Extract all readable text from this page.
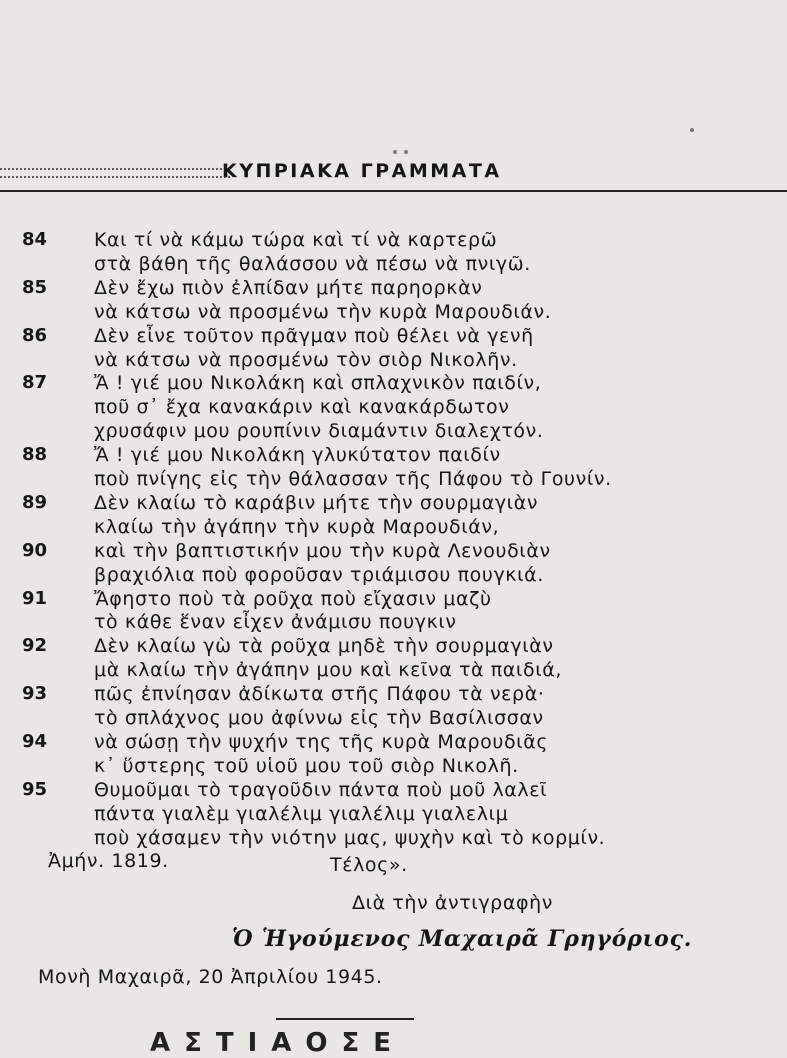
ΚΥΠΡΙΑΚΑ ΓΡΑΜΜΑΤΑ
84	Και τί νὰ κάμω τώρα καὶ τί νὰ καρτερῶ
στὰ βάθη τῆς θαλάσσου νὰ πέσω νὰ πνιγῶ.
85	Δὲν ἔχω πιὸν ἐλπίδαν μήτε παρηορκὰν
νὰ κάτσω νὰ προσμένω τὴν κυρὰ Μαρουδιάν.
86	Δὲν εἶνε τοῦτον πρᾶγμαν ποὺ θέλει νὰ γενῆ
νὰ κάτσω νὰ προσμένω τὸν σιὸρ Νικολῆν.
87	Ἄ ! γιέ μου Νικολάκη καὶ σπλαχνικὸν παιδίν,
ποῦ σ᾿ ἔχα κανακάριν καὶ κανακάρδωτον
χρυσάφιν μου ρουπίνιν διαμάντιν διαλεχτόν.
88	Ἄ ! γιέ μου Νικολάκη γλυκύτατον παιδίν
ποὺ πνίγης εἰς τὴν θάλασσαν τῆς Πάφου τὸ Γουνίν.
89	Δὲν κλαίω τὸ καράβιν μήτε τὴν σουρμαγιὰν
κλαίω τὴν ἀγάπην τὴν κυρὰ Μαρουδιάν,
90	καὶ τὴν βαπτιστικήν μου τὴν κυρὰ Λενουδιὰν
βραχιόλια ποὺ φοροῦσαν τριάμισου πουγκιά.
91	Ἄφηστο ποὺ τὰ ροῦχα ποὺ εἴχασιν μαζὺ
τὸ κάθε ἕναν εἶχεν ἀνάμισυ πουγκιν
92	Δὲν κλαίω γὼ τὰ ροῦχα μηδὲ τὴν σουρμαγιὰν
μὰ κλαίω τὴν ἀγάπην μου καὶ κεῖνα τὰ παιδιά,
93	πῶς ἐπνίησαν ἀδίκωτα στῆς Πάφου τὰ νερὰ·
τὸ σπλάχνος μου ἀφίννω εἰς τὴν Βασίλισσαν
94	νὰ σώσῃ τὴν ψυχήν της τῆς κυρὰ Μαρουδιᾶς
κ᾿ ὕστερης τοῦ υἱοῦ μου τοῦ σιὸρ Νικολῆ.
95	Θυμοῦμαι τὸ τραγοῦδιν πάντα ποὺ μοῦ λαλεῖ
πάντα γιαλὲμ γιαλέλιμ γιαλέλιμ γιαλελιμ
ποὺ χάσαμεν τὴν νιότην μας, ψυχὴν καὶ τὸ κορμίν.
Ἀμήν. 1819.	Τέλος».
Διὰ τὴν ἀντιγραφὴν
Ὁ Ἡγούμενος Μαχαιρᾶ Γρηγόριος.
Μονὴ Μαχαιρᾶ, 20 Ἀπριλίου 1945.
ΑΣΤΙΑΟΣΕ
